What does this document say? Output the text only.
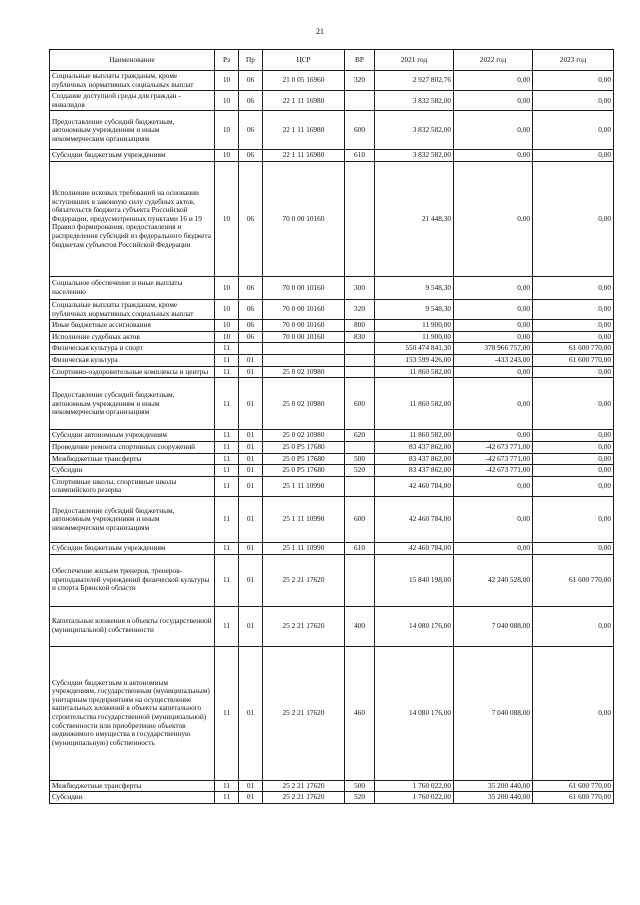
21
Наименование	Рз	Пр	ЦСР	ВР	2021 год	2022 год	2023 год
Социальные выплаты гражданам, кроме публичных нормативных социальных выплат	10	06	21 0 05 16960	320	2 927 802,76	0,00	0,00
Создание доступной среды для граждан - инвалидов	10	06	22 1 11 16980		3 832 582,00	0,00	0,00
Предоставление субсидий бюджетным, автономным учреждениям и иным некоммерческим организациям	10	06	22 1 11 16980	600	3 832 582,00	0,00	0,00
Субсидии бюджетным учреждениям	10	06	22 1 11 16980	610	3 832 582,00	0,00	0,00
Исполнение исковых требований на основании вступивших в законную силу судебных актов, обязательств бюджета субъекта Российской Федерации, предусмотренных пунктами 16 и 19 Правил формирования, предоставления и распределения субсидий из федерального бюджета бюджетам субъектов Российской Федерации	10	06	70 0 00 10160		21 448,30	0,00	0,00
Социальное обеспечение и иные выплаты населению	10	06	70 0 00 10160	300	9 548,30	0,00	0,00
Социальные выплаты гражданам, кроме публичных нормативных социальных выплат	10	06	70 0 00 10160	320	9 548,30	0,00	0,00
Иные бюджетные ассигнования	10	06	70 0 00 10160	800	11 900,00	0,00	0,00
Исполнение судебных актов	10	06	70 0 00 10160	830	11 900,00	0,00	0,00
Физическая культура и спорт	11				550 474 841,30	378 966 757,00	61 600 770,00
Физическая культура	11	01			153 599 426,00	-433 243,00	61 600 770,00
Спортивно-оздоровительные комплексы и центры	11	01	25 0 02 10980		11 860 582,00	0,00	0,00
Предоставление субсидий бюджетным, автономным учреждениям и иным некоммерческим организациям	11	01	25 0 02 10980	600	11 860 582,00	0,00	0,00
Субсидии автономным учреждениям	11	01	25 0 02 10980	620	11 860 582,00	0,00	0,00
Проведение ремонта спортивных сооружений	11	01	25 0 P5 17680		83 437 862,00	-42 673 771,00	0,00
Межбюджетные трансферты	11	01	25 0 P5 17680	500	83 437 862,00	-42 673 771,00	0,00
Субсидии	11	01	25 0 P5 17680	520	83 437 862,00	-42 673 771,00	0,00
Спортивные школы, спортивные школы олимпийского резерва	11	01	25 1 11 10990		42 460 784,00	0,00	0,00
Предоставление субсидий бюджетным, автономным учреждениям и иным некоммерческим организациям	11	01	25 1 11 10990	600	42 460 784,00	0,00	0,00
Субсидии бюджетным учреждениям	11	01	25 1 11 10990	610	42 460 784,00	0,00	0,00
Обеспечение жильем тренеров, тренеров-преподавателей учреждений физической культуры и спорта Брянской области	11	01	25 2 21 17620		15 840 198,00	42 240 528,00	61 600 770,00
Капитальные вложения в объекты государственной (муниципальной) собственности	11	01	25 2 21 17620	400	14 080 176,00	7 040 088,00	0,00
Субсидии бюджетным и автономным учреждениям, государственным (муниципальным) унитарным предприятиям на осуществление капитальных вложений в объекты капитального строительства государственной (муниципальной) собственности или приобретение объектов недвижимого имущества в государственную (муниципальную) собственность	11	01	25 2 21 17620	460	14 080 176,00	7 040 088,00	0,00
Межбюджетные трансферты	11	01	25 2 21 17620	500	1 760 022,00	35 200 440,00	61 600 770,00
Субсидии	11	01	25 2 21 17620	520	1 760 022,00	35 200 440,00	61 600 770,00
